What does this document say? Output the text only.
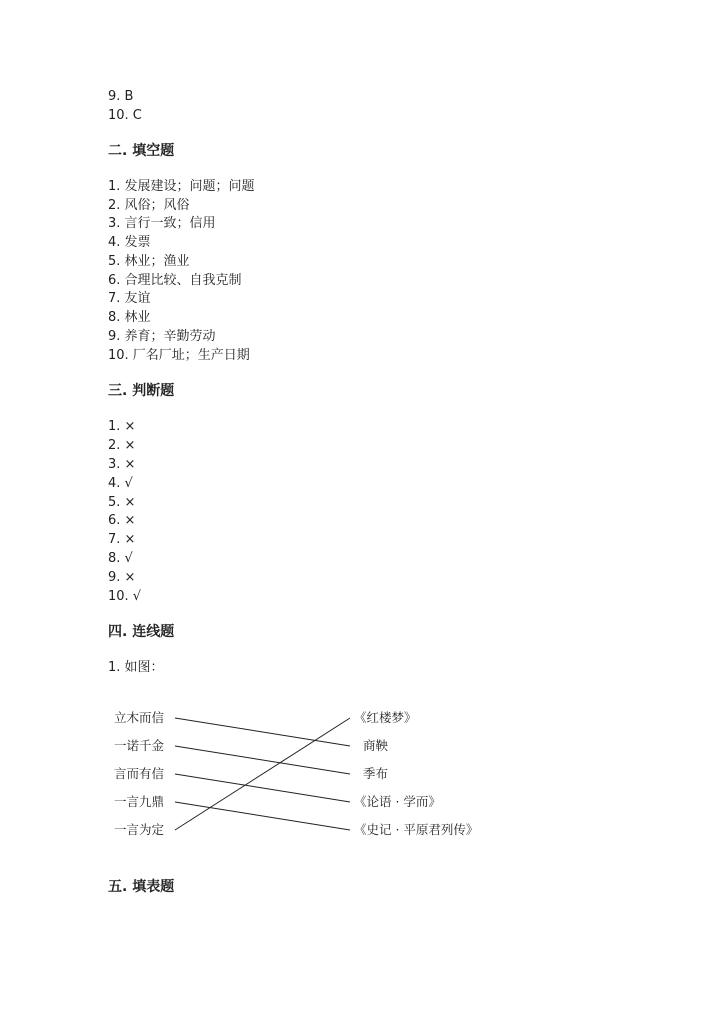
9. B
10. C
二. 填空题
1. 发展建设；问题；问题
2. 风俗；风俗
3. 言行一致；信用
4. 发票
5. 林业；渔业
6. 合理比较、自我克制
7. 友谊
8. 林业
9. 养育；辛勤劳动
10. 厂名厂址；生产日期
三. 判断题
1. ×
2. ×
3. ×
4. √
5. ×
6. ×
7. ×
8. √
9. ×
10. √
四. 连线题
1. 如图：
立木而信
一诺千金
言而有信
一言九鼎
一言为定
《红楼梦》
商鞅
季布
《论语 · 学而》
《史记 · 平原君列传》
五. 填表题
